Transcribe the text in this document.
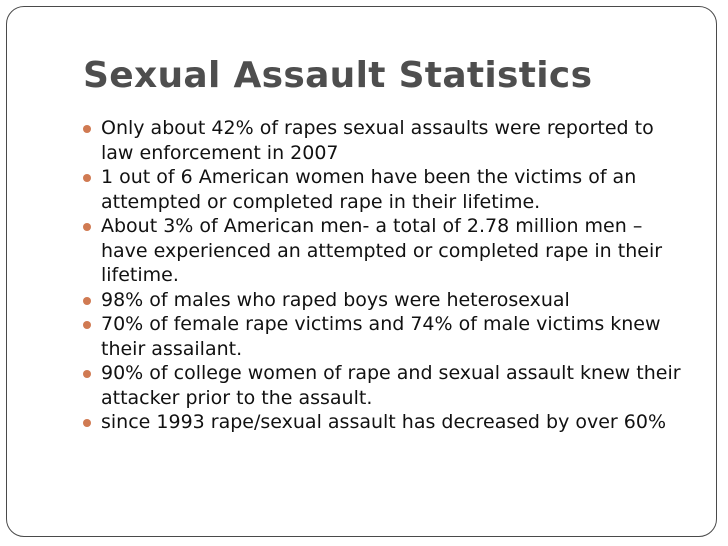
Sexual Assault Statistics
Only about 42% of rapes sexual assaults were reported to law enforcement in 2007
1 out of 6 American women have been the victims of an attempted or completed rape in their lifetime.
About 3% of American men- a total of 2.78 million men – have experienced an attempted or completed rape in their lifetime.
98% of males who raped boys were heterosexual
70% of female rape victims and 74% of male victims knew their assailant.
90% of college women of rape and sexual assault knew their attacker prior to the assault.
since 1993 rape/sexual assault has decreased by over 60%
